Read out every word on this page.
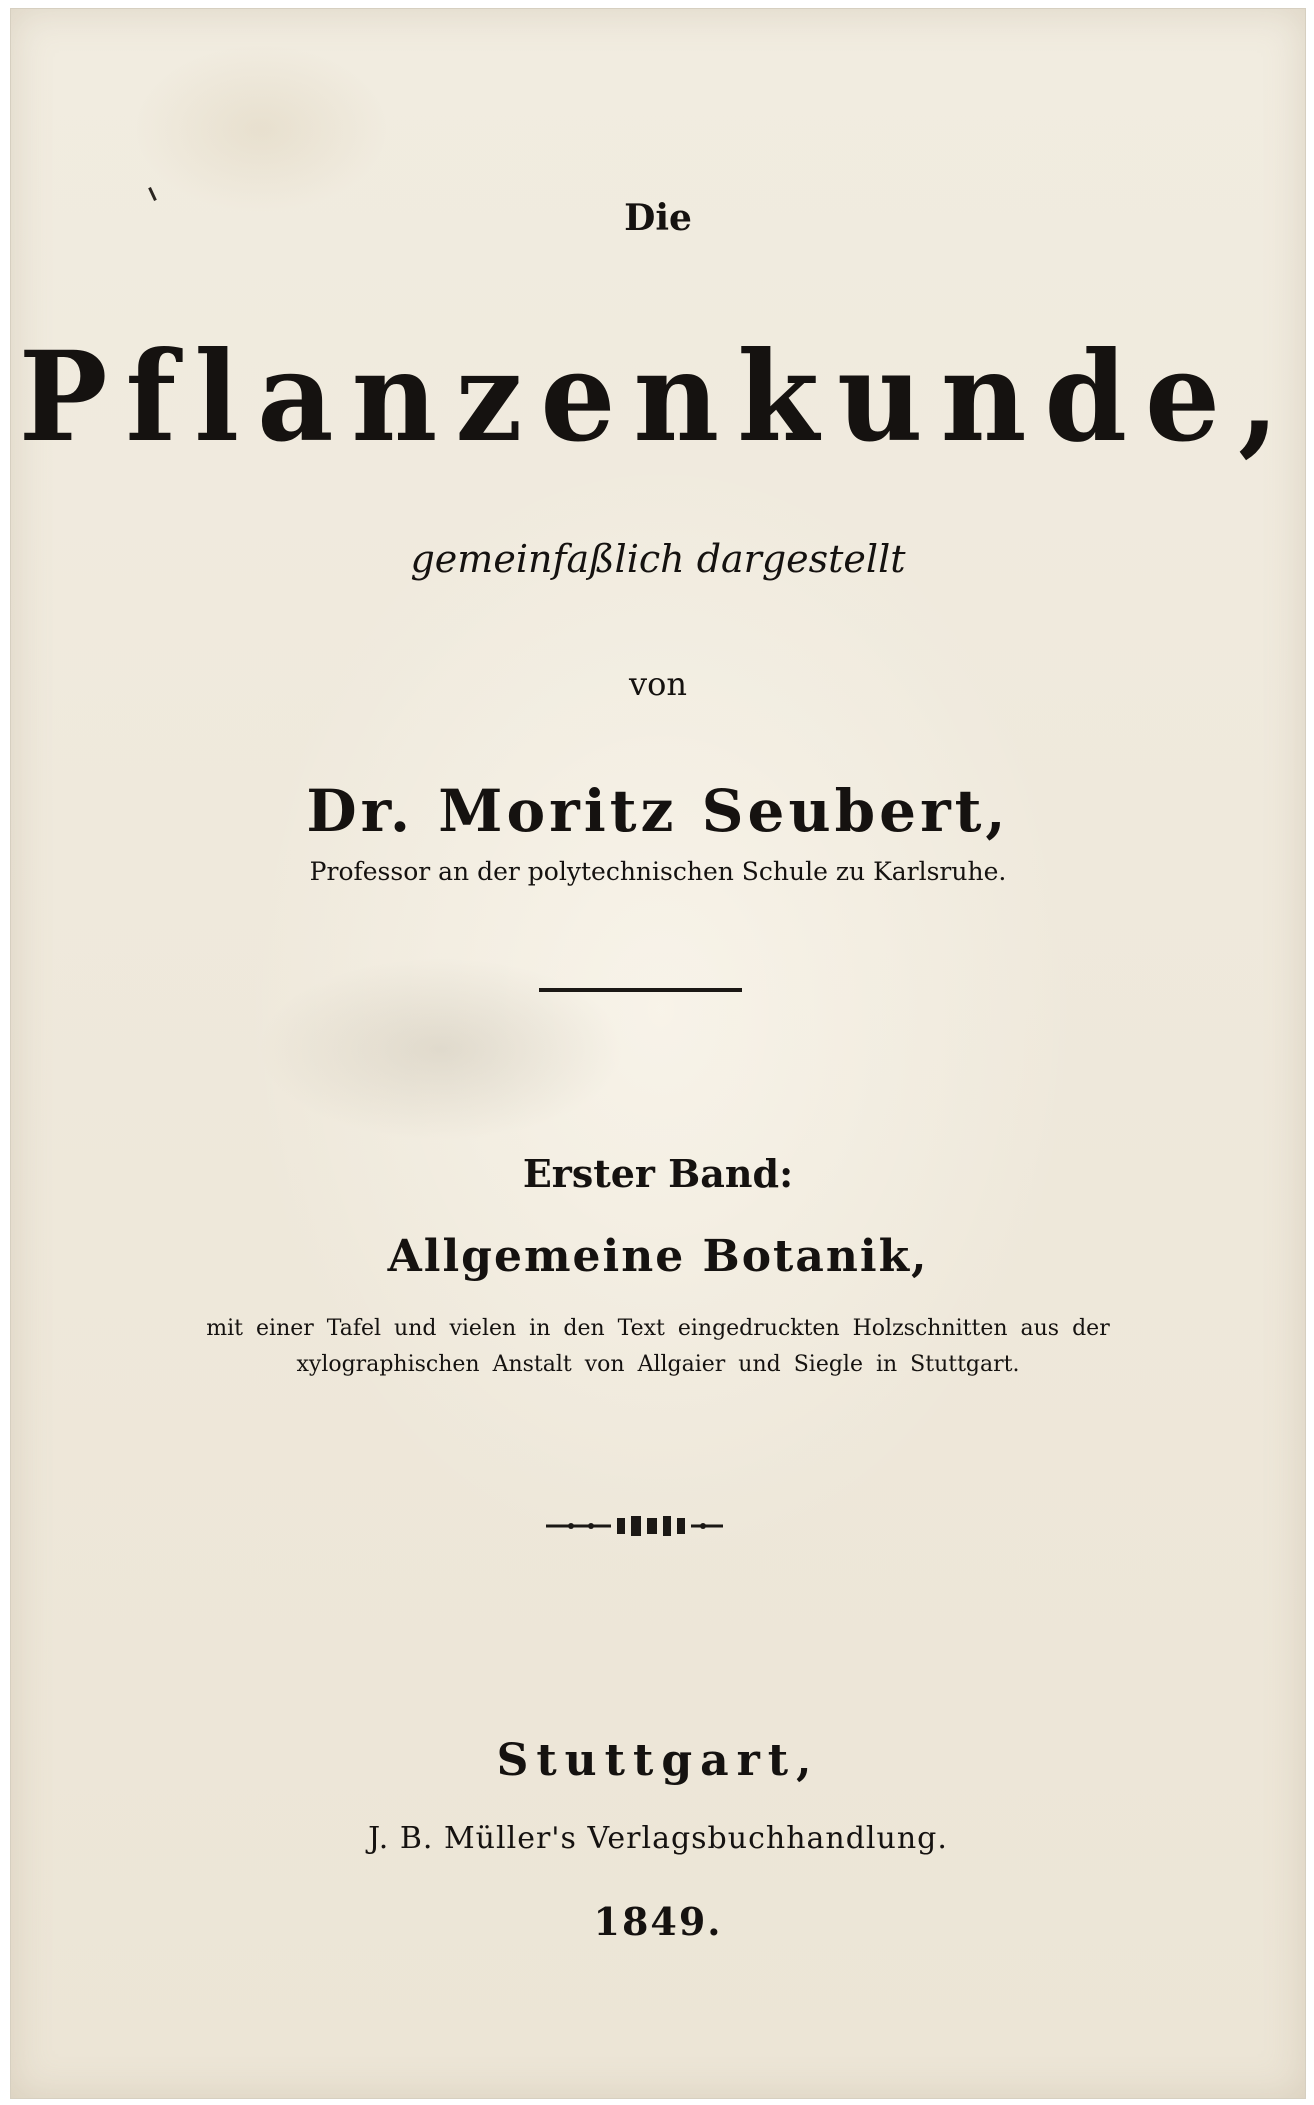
Die
Pflanzenkunde,
gemeinfaßlich dargestellt
von
Dr. Moritz Seubert,
Professor an der polytechnischen Schule zu Karlsruhe.
Erster Band:
Allgemeine Botanik,
mit einer Tafel und vielen in den Text eingedruckten Holzschnitten aus der
xylographischen Anstalt von Allgaier und Siegle in Stuttgart.
Stuttgart,
J. B. Müller's Verlagsbuchhandlung.
1849.
